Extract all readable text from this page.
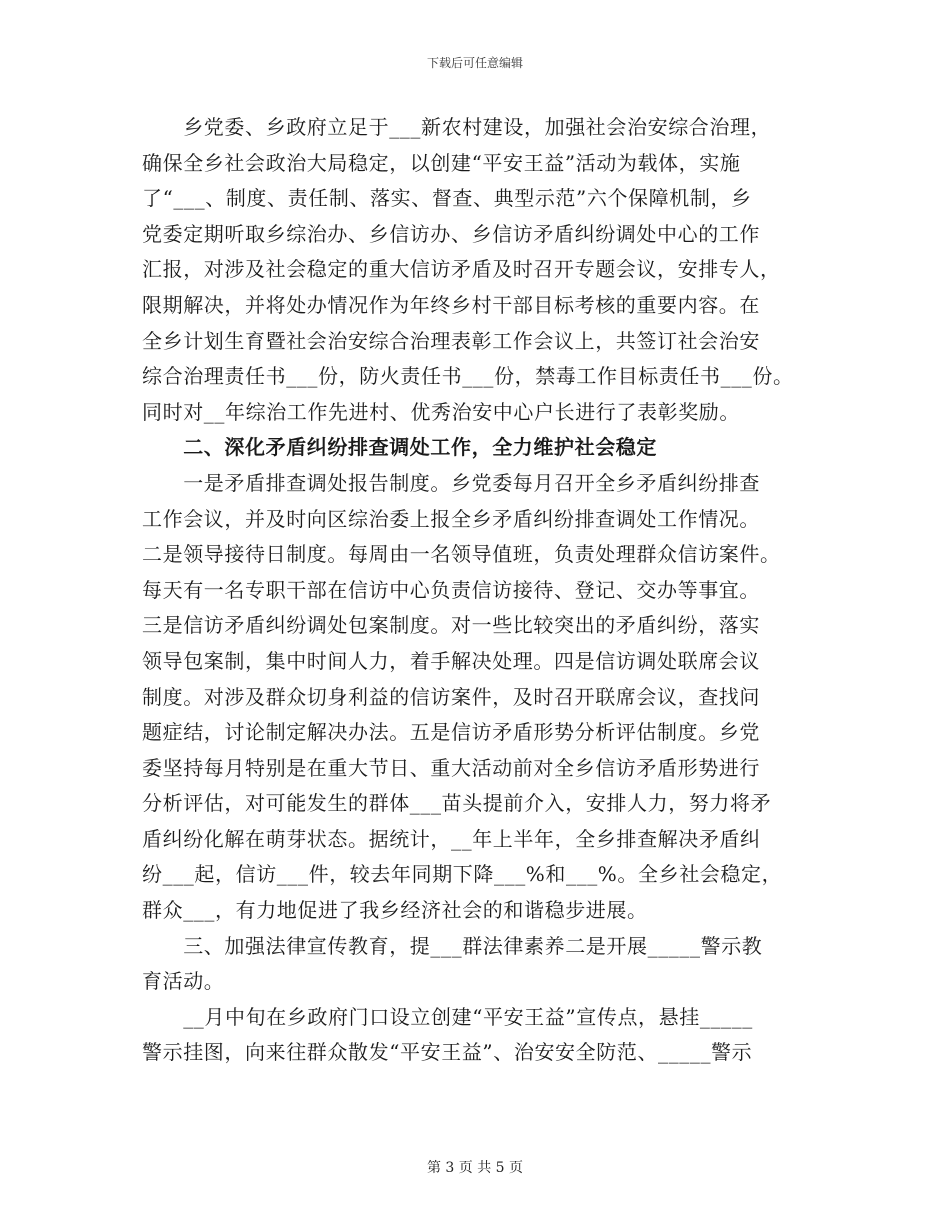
下载后可任意编辑
　　乡党委、乡政府立足于___新农村建设，加强社会治安综合治理，
确保全乡社会政治大局稳定，以创建“平安王益”活动为载体，实施
了“___、制度、责任制、落实、督查、典型示范”六个保障机制，乡
党委定期听取乡综治办、乡信访办、乡信访矛盾纠纷调处中心的工作
汇报，对涉及社会稳定的重大信访矛盾及时召开专题会议，安排专人，
限期解决，并将处办情况作为年终乡村干部目标考核的重要内容。在
全乡计划生育暨社会治安综合治理表彰工作会议上，共签订社会治安
综合治理责任书___份，防火责任书___份，禁毒工作目标责任书___份。
同时对__年综治工作先进村、优秀治安中心户长进行了表彰奖励。
　　二、深化矛盾纠纷排查调处工作，全力维护社会稳定
　　一是矛盾排查调处报告制度。乡党委每月召开全乡矛盾纠纷排查
工作会议，并及时向区综治委上报全乡矛盾纠纷排查调处工作情况。
二是领导接待日制度。每周由一名领导值班，负责处理群众信访案件。
每天有一名专职干部在信访中心负责信访接待、登记、交办等事宜。
三是信访矛盾纠纷调处包案制度。对一些比较突出的矛盾纠纷，落实
领导包案制，集中时间人力，着手解决处理。四是信访调处联席会议
制度。对涉及群众切身利益的信访案件，及时召开联席会议，查找问
题症结，讨论制定解决办法。五是信访矛盾形势分析评估制度。乡党
委坚持每月特别是在重大节日、重大活动前对全乡信访矛盾形势进行
分析评估，对可能发生的群体___苗头提前介入，安排人力，努力将矛
盾纠纷化解在萌芽状态。据统计，__年上半年，全乡排查解决矛盾纠
纷___起，信访___件，较去年同期下降___%和___%。全乡社会稳定，
群众___，有力地促进了我乡经济社会的和谐稳步进展。
　　三、加强法律宣传教育，提___群法律素养二是开展_____警示教
育活动。
　　__月中旬在乡政府门口设立创建“平安王益”宣传点，悬挂_____
警示挂图，向来往群众散发“平安王益”、治安安全防范、_____警示
第 3 页 共 5 页
